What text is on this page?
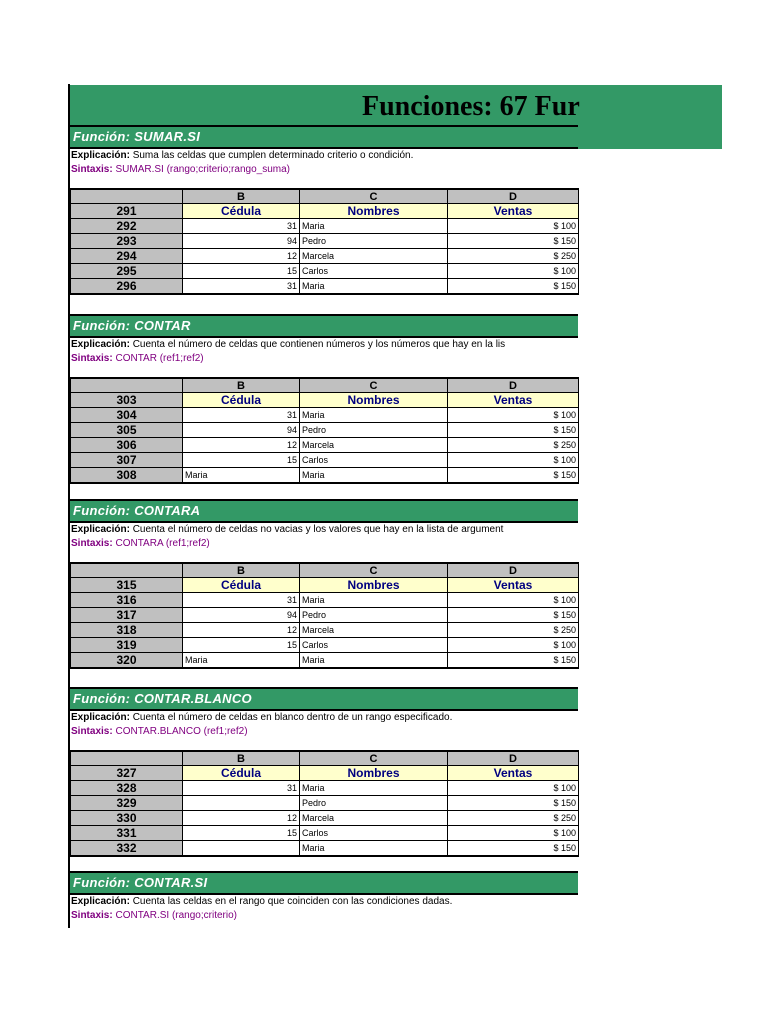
Funciones: 67 Fur
Función: SUMAR.SI
Explicación: Suma las celdas que cumplen determinado criterio o condición.
Sintaxis: SUMAR.SI (rango;criterio;rango_suma)
	B	C	D
291	Cédula	Nombres	Ventas
292	31	Maria	$ 100
293	94	Pedro	$ 150
294	12	Marcela	$ 250
295	15	Carlos	$ 100
296	31	Maria	$ 150
Función: CONTAR
Explicación: Cuenta el número de celdas que contienen números y los números que hay en la lis
Sintaxis: CONTAR (ref1;ref2)
	B	C	D
303	Cédula	Nombres	Ventas
304	31	Maria	$ 100
305	94	Pedro	$ 150
306	12	Marcela	$ 250
307	15	Carlos	$ 100
308	Maria	Maria	$ 150
Función: CONTARA
Explicación: Cuenta el número de celdas no vacias y los valores que hay en la lista de argument
Sintaxis: CONTARA (ref1;ref2)
	B	C	D
315	Cédula	Nombres	Ventas
316	31	Maria	$ 100
317	94	Pedro	$ 150
318	12	Marcela	$ 250
319	15	Carlos	$ 100
320	Maria	Maria	$ 150
Función: CONTAR.BLANCO
Explicación: Cuenta el número de celdas en blanco dentro de un rango especificado.
Sintaxis: CONTAR.BLANCO (ref1;ref2)
	B	C	D
327	Cédula	Nombres	Ventas
328	31	Maria	$ 100
329		Pedro	$ 150
330	12	Marcela	$ 250
331	15	Carlos	$ 100
332		Maria	$ 150
Función: CONTAR.SI
Explicación: Cuenta las celdas en el rango que coinciden con las condiciones dadas.
Sintaxis: CONTAR.SI (rango;criterio)
